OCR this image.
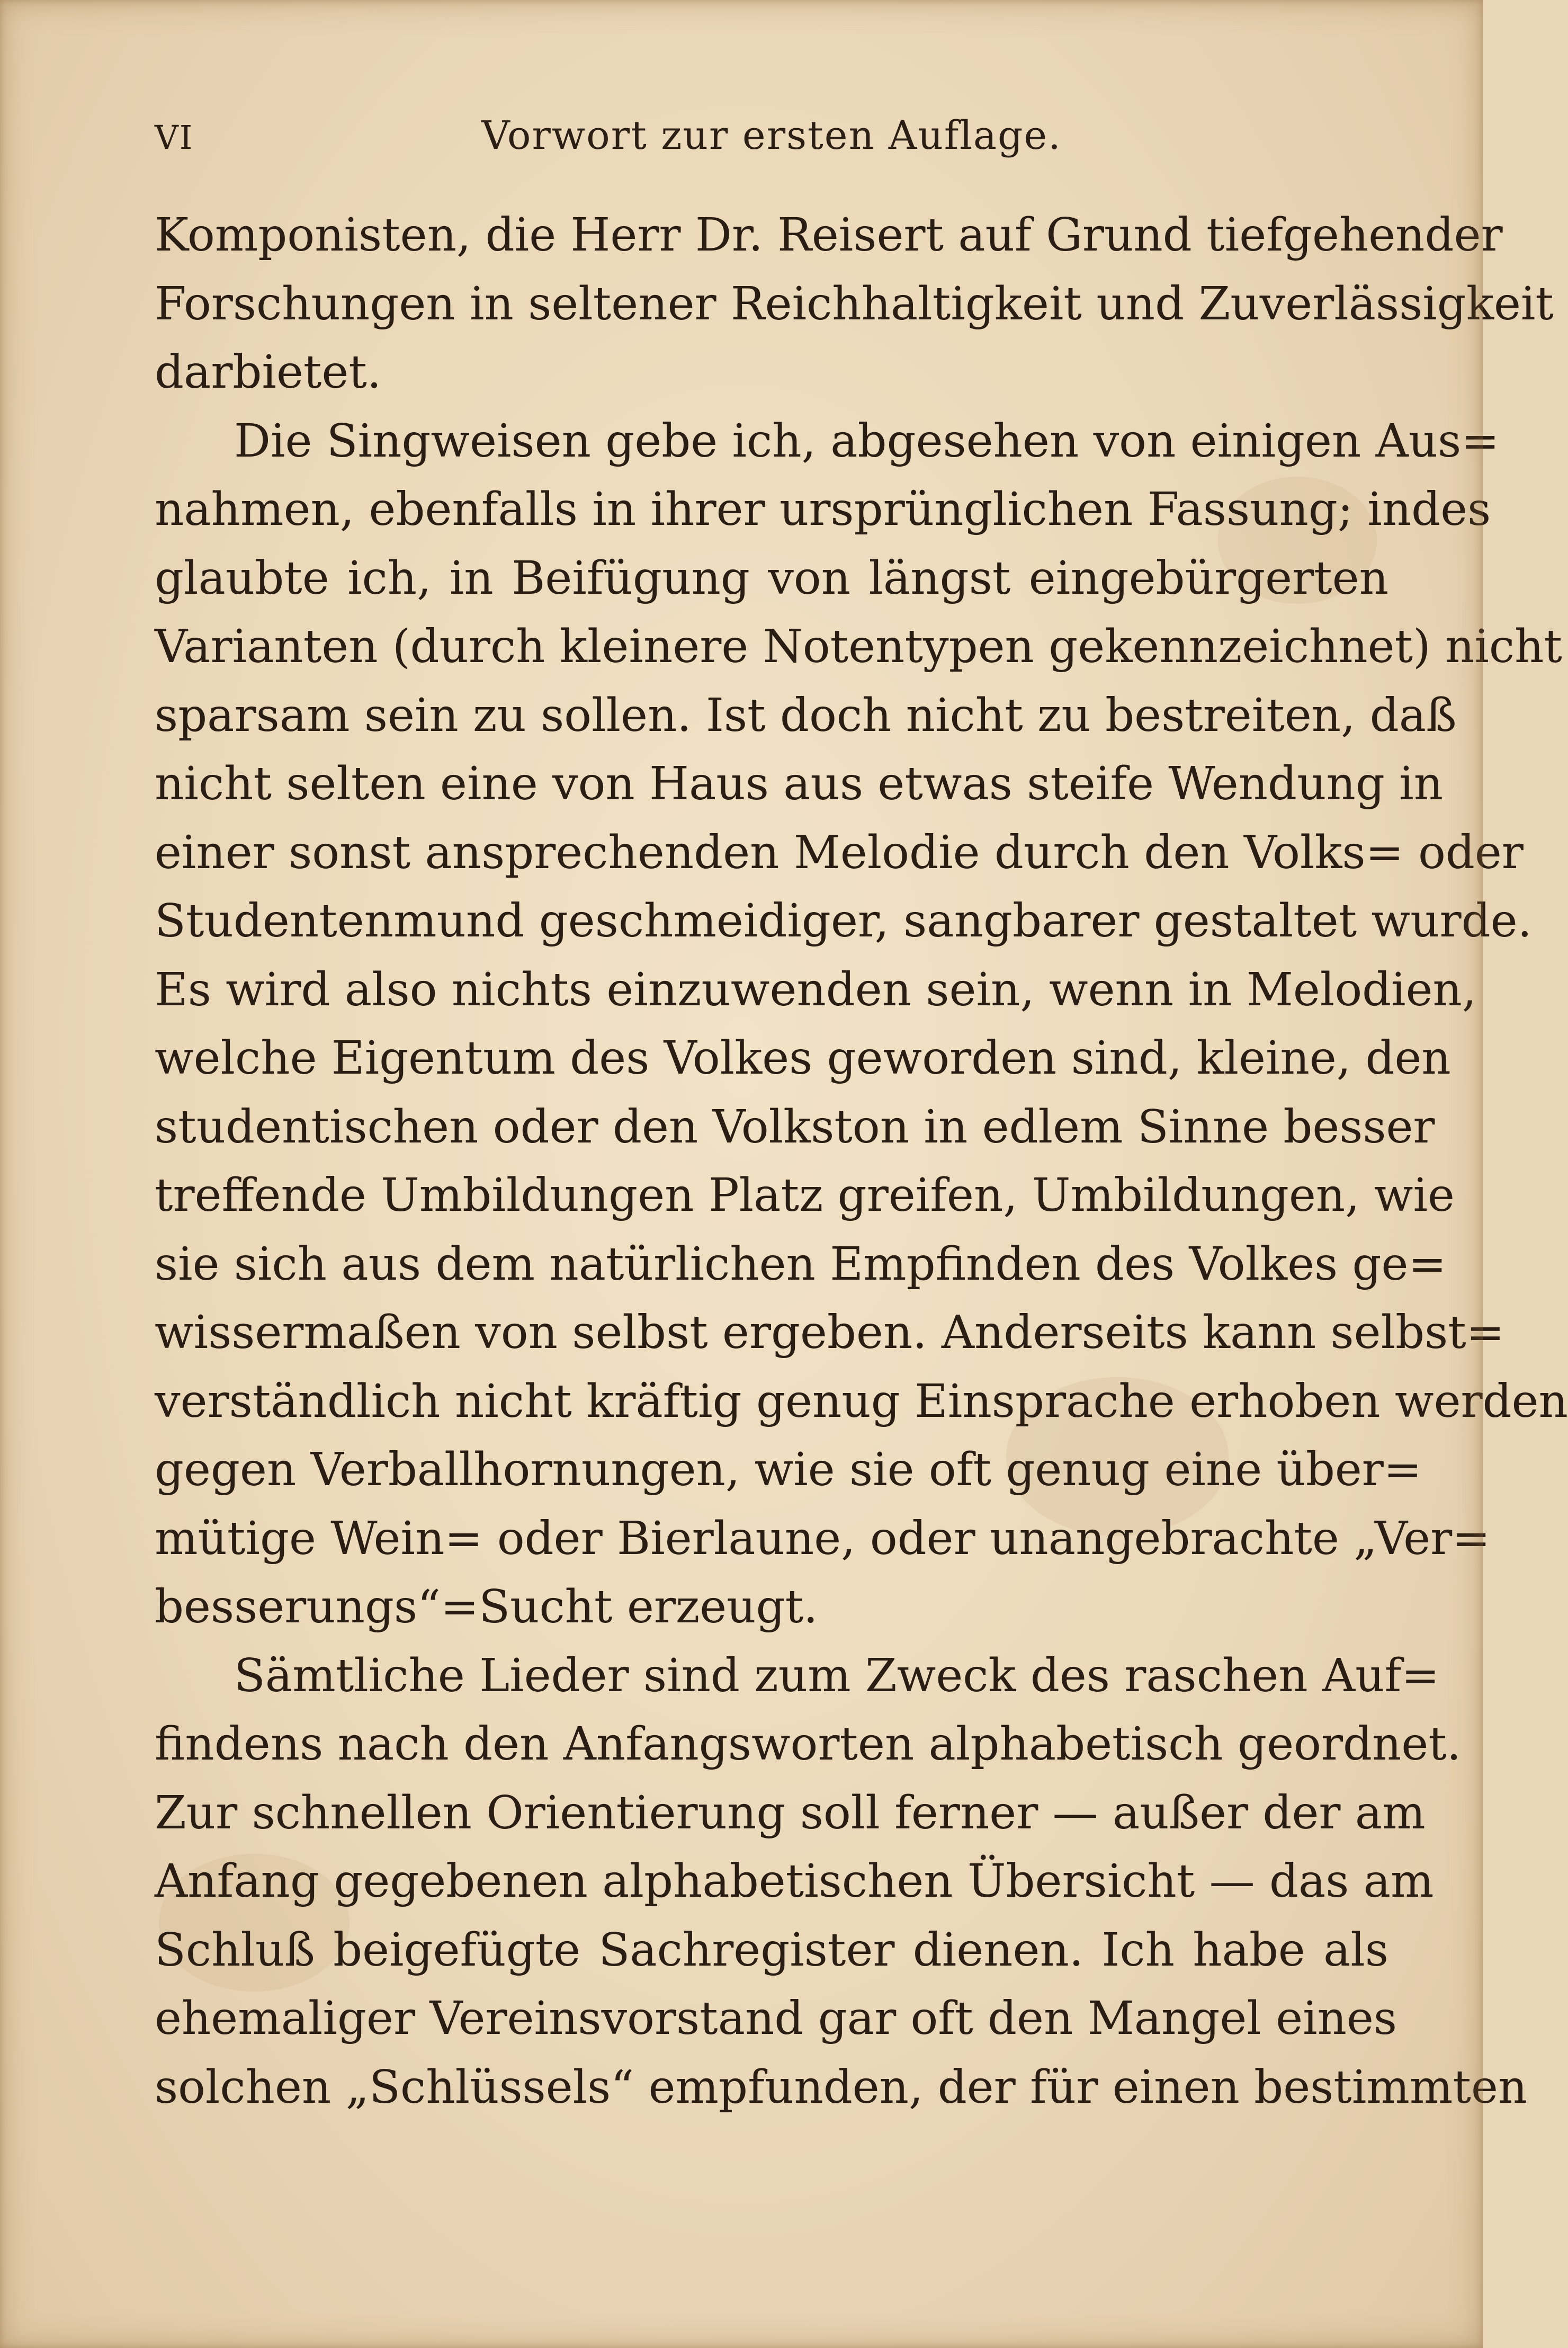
VI	Vorwort zur ersten Auflage.
Komponisten, die Herr Dr. Reisert auf Grund tiefgehender
Forschungen in seltener Reichhaltigkeit und Zuverlässigkeit
darbietet.
Die Singweisen gebe ich, abgesehen von einigen Aus=
nahmen, ebenfalls in ihrer ursprünglichen Fassung; indes
glaubte ich, in Beifügung von längst eingebürgerten
Varianten (durch kleinere Notentypen gekennzeichnet) nicht
sparsam sein zu sollen. Ist doch nicht zu bestreiten, daß
nicht selten eine von Haus aus etwas steife Wendung in
einer sonst ansprechenden Melodie durch den Volks= oder
Studentenmund geschmeidiger, sangbarer gestaltet wurde.
Es wird also nichts einzuwenden sein, wenn in Melodien,
welche Eigentum des Volkes geworden sind, kleine, den
studentischen oder den Volkston in edlem Sinne besser
treffende Umbildungen Platz greifen, Umbildungen, wie
sie sich aus dem natürlichen Empfinden des Volkes ge=
wissermaßen von selbst ergeben. Anderseits kann selbst=
verständlich nicht kräftig genug Einsprache erhoben werden
gegen Verballhornungen, wie sie oft genug eine über=
mütige Wein= oder Bierlaune, oder unangebrachte „Ver=
besserungs“=Sucht erzeugt.
Sämtliche Lieder sind zum Zweck des raschen Auf=
findens nach den Anfangsworten alphabetisch geordnet.
Zur schnellen Orientierung soll ferner — außer der am
Anfang gegebenen alphabetischen Übersicht — das am
Schluß beigefügte Sachregister dienen. Ich habe als
ehemaliger Vereinsvorstand gar oft den Mangel eines
solchen „Schlüssels“ empfunden, der für einen bestimmten
